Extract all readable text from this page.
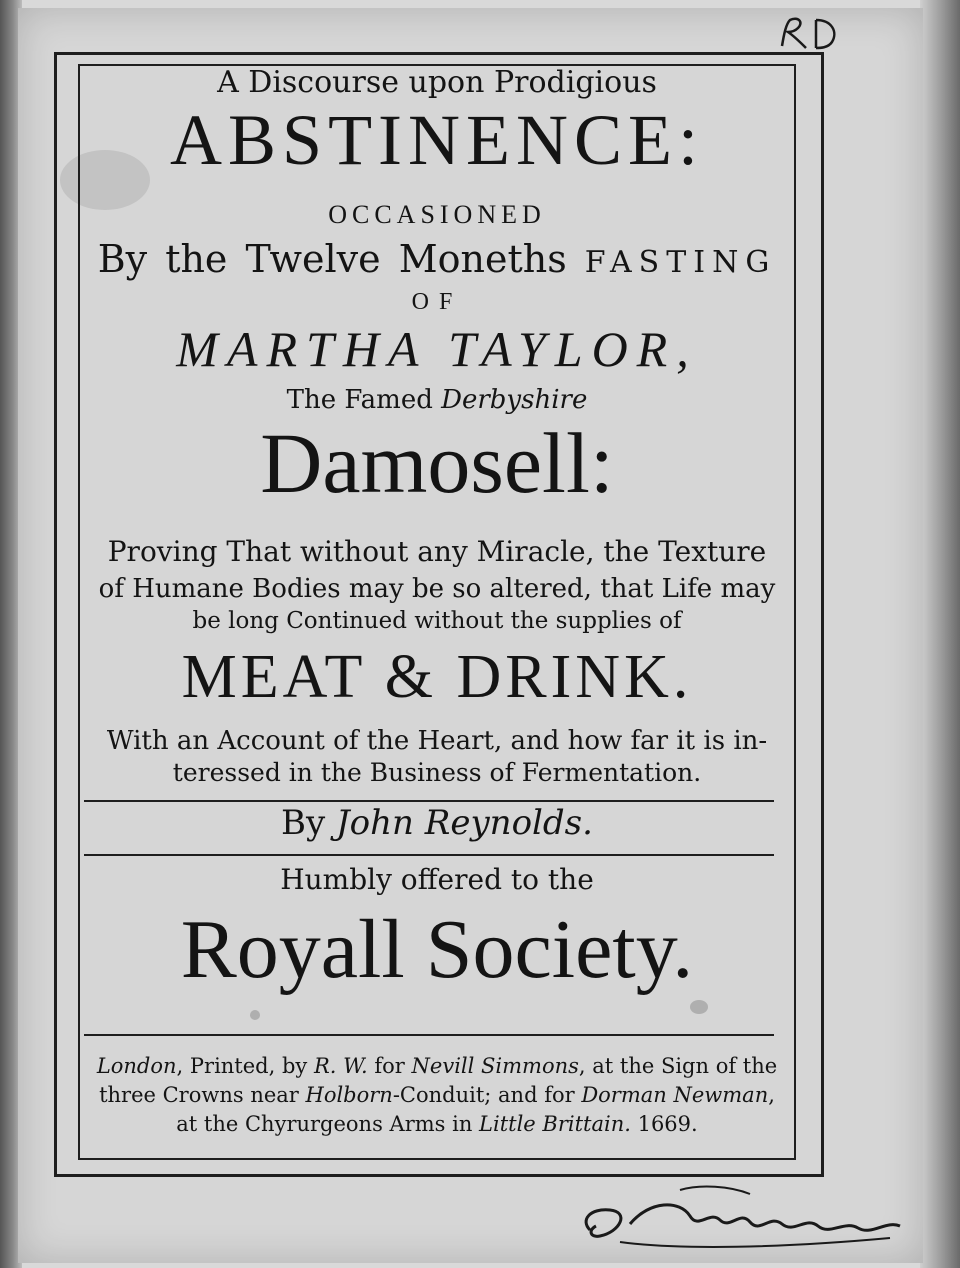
A Discourse upon Prodigious
ABSTINENCE:
OCCASIONED
By the Twelve Moneths FASTING
OF
MARTHA TAYLOR,
The Famed Derbyshire
Damosell:
Proving That without any Miracle, the Texture
of Humane Bodies may be so altered, that Life may
be long Continued without the supplies of
MEAT & DRINK.
With an Account of the Heart, and how far it is in-
teressed in the Business of Fermentation.
By John Reynolds.
Humbly offered to the
Royall Society.
London, Printed, by R. W. for Nevill Simmons, at the Sign of the
three Crowns near Holborn-Conduit; and for Dorman Newman,
at the Chyrurgeons Arms in Little Brittain. 1669.
